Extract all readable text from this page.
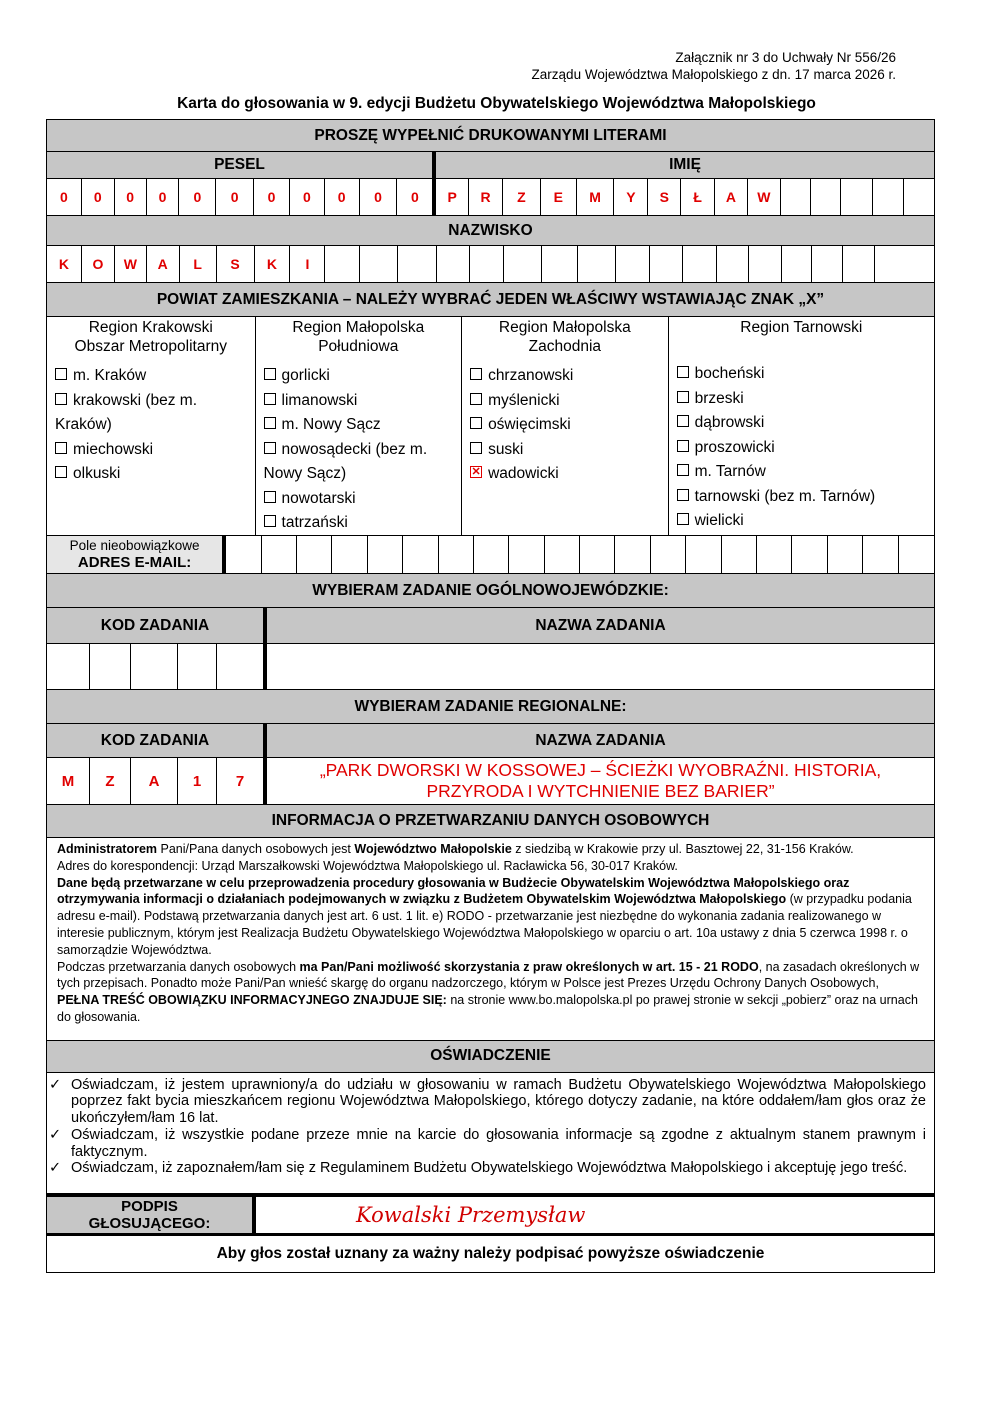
Załącznik nr 3 do Uchwały Nr 556/26
Zarządu Województwa Małopolskiego z dn. 17 marca 2026 r.
Karta do głosowania w 9. edycji Budżetu Obywatelskiego Województwa Małopolskiego
PROSZĘ WYPEŁNIĆ DRUKOWANYMI LITERAMI
PESEL	IMIĘ
0	0	0	0	0	0	0	0	0	0	0	P	R	Z	E	M	Y	S	Ł	A	W
NAZWISKO
K	O	W	A	L	S	K	I
POWIAT ZAMIESZKANIA – NALEŻY WYBRAĆ JEDEN WŁAŚCIWY WSTAWIAJĄC ZNAK „X”
Region Krakowski
Obszar Metropolitarny
m. Kraków
krakowski (bez m. Kraków)
miechowski
olkuski
Region Małopolska
Południowa
gorlicki
limanowski
m. Nowy Sącz
nowosądecki (bez m. Nowy Sącz)
nowotarski
tatrzański
Region Małopolska
Zachodnia
chrzanowski
myślenicki
oświęcimski
suski
✕wadowicki
Region Tarnowski
bocheński
brzeski
dąbrowski
proszowicki
m. Tarnów
tarnowski (bez m. Tarnów)
wielicki
Pole nieobowiązkowe
ADRES E-MAIL:
WYBIERAM ZADANIE OGÓLNOWOJEWÓDZKIE:
KOD ZADANIA	NAZWA ZADANIA
WYBIERAM ZADANIE REGIONALNE:
KOD ZADANIA	NAZWA ZADANIA
M	Z	A	1	7
„PARK DWORSKI W KOSSOWEJ – ŚCIEŻKI WYOBRAŹNI. HISTORIA,
PRZYRODA I WYTCHNIENIE BEZ BARIER”
INFORMACJA O PRZETWARZANIU DANYCH OSOBOWYCH
Administratorem Pani/Pana danych osobowych jest Województwo Małopolskie z siedzibą w Krakowie przy ul. Basztowej 22, 31-156 Kraków.
Adres do korespondencji: Urząd Marszałkowski Województwa Małopolskiego ul. Racławicka 56, 30-017 Kraków.
Dane będą przetwarzane w celu przeprowadzenia procedury głosowania w Budżecie Obywatelskim Województwa Małopolskiego oraz otrzymywania informacji o działaniach podejmowanych w związku z Budżetem Obywatelskim Województwa Małopolskiego (w przypadku podania adresu e-mail). Podstawą przetwarzania danych jest art. 6 ust. 1 lit. e) RODO - przetwarzanie jest niezbędne do wykonania zadania realizowanego w interesie publicznym, którym jest Realizacja Budżetu Obywatelskiego Województwa Małopolskiego w oparciu o art. 10a ustawy z dnia 5 czerwca 1998 r. o samorządzie Województwa.
Podczas przetwarzania danych osobowych ma Pan/Pani możliwość skorzystania z praw określonych w art. 15 - 21 RODO, na zasadach określonych w tych przepisach. Ponadto może Pani/Pan wnieść skargę do organu nadzorczego, którym w Polsce jest Prezes Urzędu Ochrony Danych Osobowych,
PEŁNA TREŚĆ OBOWIĄZKU INFORMACYJNEGO ZNAJDUJE SIĘ: na stronie www.bo.malopolska.pl po prawej stronie w sekcji „pobierz” oraz na urnach do głosowania.
OŚWIADCZENIE
✓ Oświadczam, iż jestem uprawniony/a do udziału w głosowaniu w ramach Budżetu Obywatelskiego Województwa Małopolskiego poprzez fakt bycia mieszkańcem regionu Województwa Małopolskiego, którego dotyczy zadanie, na które oddałem/łam głos oraz że ukończyłem/łam 16 lat.
✓ Oświadczam, iż wszystkie podane przeze mnie na karcie do głosowania informacje są zgodne z aktualnym stanem prawnym i faktycznym.
✓ Oświadczam, iż zapoznałem/łam się z Regulaminem Budżetu Obywatelskiego Województwa Małopolskiego i akceptuję jego treść.
PODPIS
GŁOSUJĄCEGO:	Kowalski Przemysław
Aby głos został uznany za ważny należy podpisać powyższe oświadczenie
